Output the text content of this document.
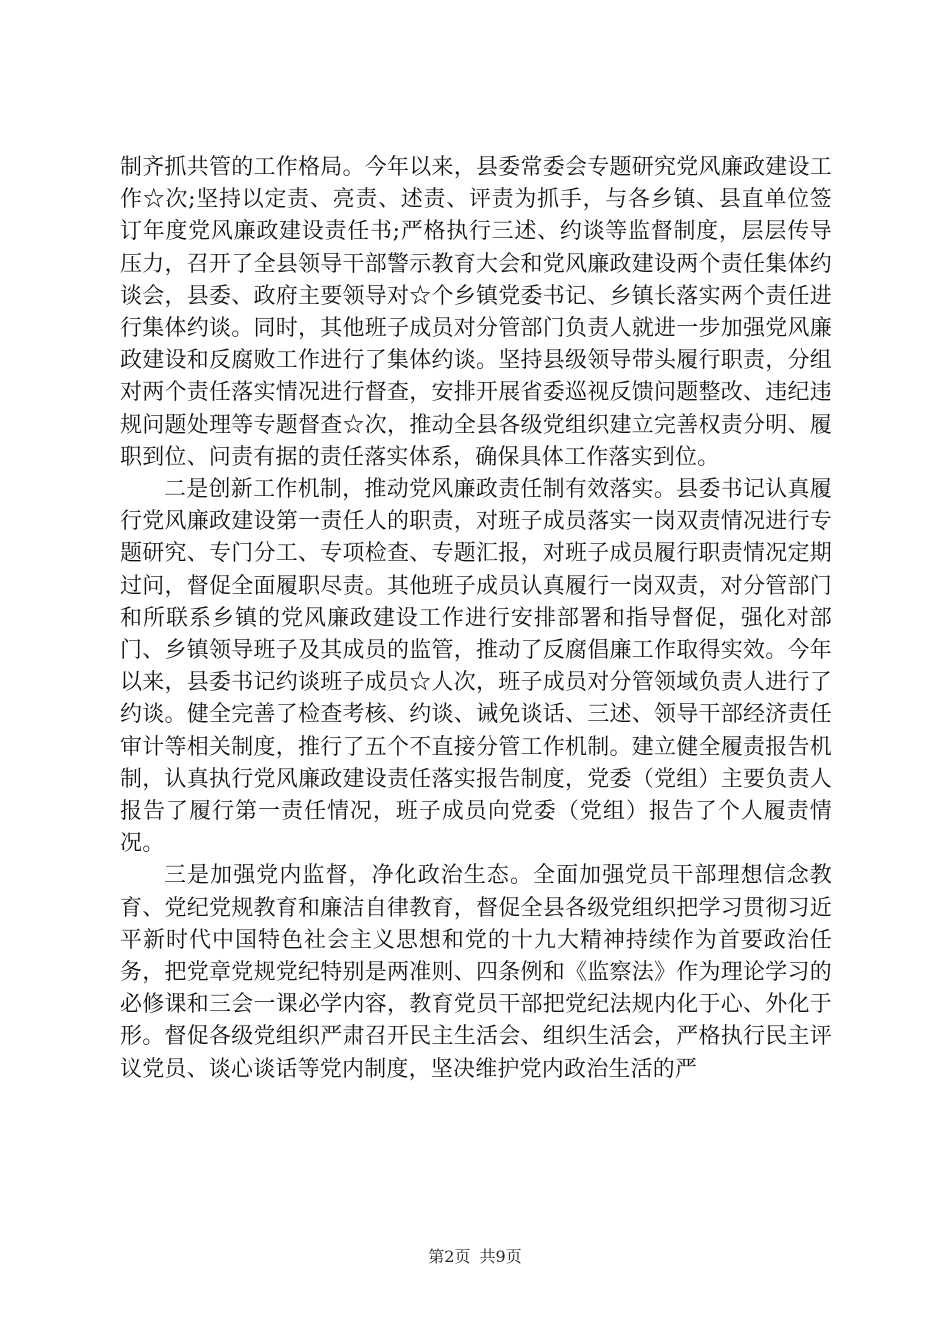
制齐抓共管的工作格局。今年以来，县委常委会专题研究党风廉政建设工作☆次;坚持以定责、亮责、述责、评责为抓手，与各乡镇、县直单位签订年度党风廉政建设责任书;严格执行三述、约谈等监督制度，层层传导压力，召开了全县领导干部警示教育大会和党风廉政建设两个责任集体约谈会，县委、政府主要领导对☆个乡镇党委书记、乡镇长落实两个责任进行集体约谈。同时，其他班子成员对分管部门负责人就进一步加强党风廉政建设和反腐败工作进行了集体约谈。坚持县级领导带头履行职责，分组对两个责任落实情况进行督查，安排开展省委巡视反馈问题整改、违纪违规问题处理等专题督查☆次，推动全县各级党组织建立完善权责分明、履职到位、问责有据的责任落实体系，确保具体工作落实到位。

二是创新工作机制，推动党风廉政责任制有效落实。县委书记认真履行党风廉政建设第一责任人的职责，对班子成员落实一岗双责情况进行专题研究、专门分工、专项检查、专题汇报，对班子成员履行职责情况定期过问，督促全面履职尽责。其他班子成员认真履行一岗双责，对分管部门和所联系乡镇的党风廉政建设工作进行安排部署和指导督促，强化对部门、乡镇领导班子及其成员的监管，推动了反腐倡廉工作取得实效。今年以来，县委书记约谈班子成员☆人次，班子成员对分管领域负责人进行了约谈。健全完善了检查考核、约谈、诫免谈话、三述、领导干部经济责任审计等相关制度，推行了五个不直接分管工作机制。建立健全履责报告机制，认真执行党风廉政建设责任落实报告制度，党委（党组）主要负责人报告了履行第一责任情况，班子成员向党委（党组）报告了个人履责情况。

三是加强党内监督，净化政治生态。全面加强党员干部理想信念教育、党纪党规教育和廉洁自律教育，督促全县各级党组织把学习贯彻习近平新时代中国特色社会主义思想和党的十九大精神持续作为首要政治任务，把党章党规党纪特别是两准则、四条例和《监察法》作为理论学习的必修课和三会一课必学内容，教育党员干部把党纪法规内化于心、外化于形。督促各级党组织严肃召开民主生活会、组织生活会，严格执行民主评议党员、谈心谈话等党内制度，坚决维护党内政治生活的严

第2页 共9页
